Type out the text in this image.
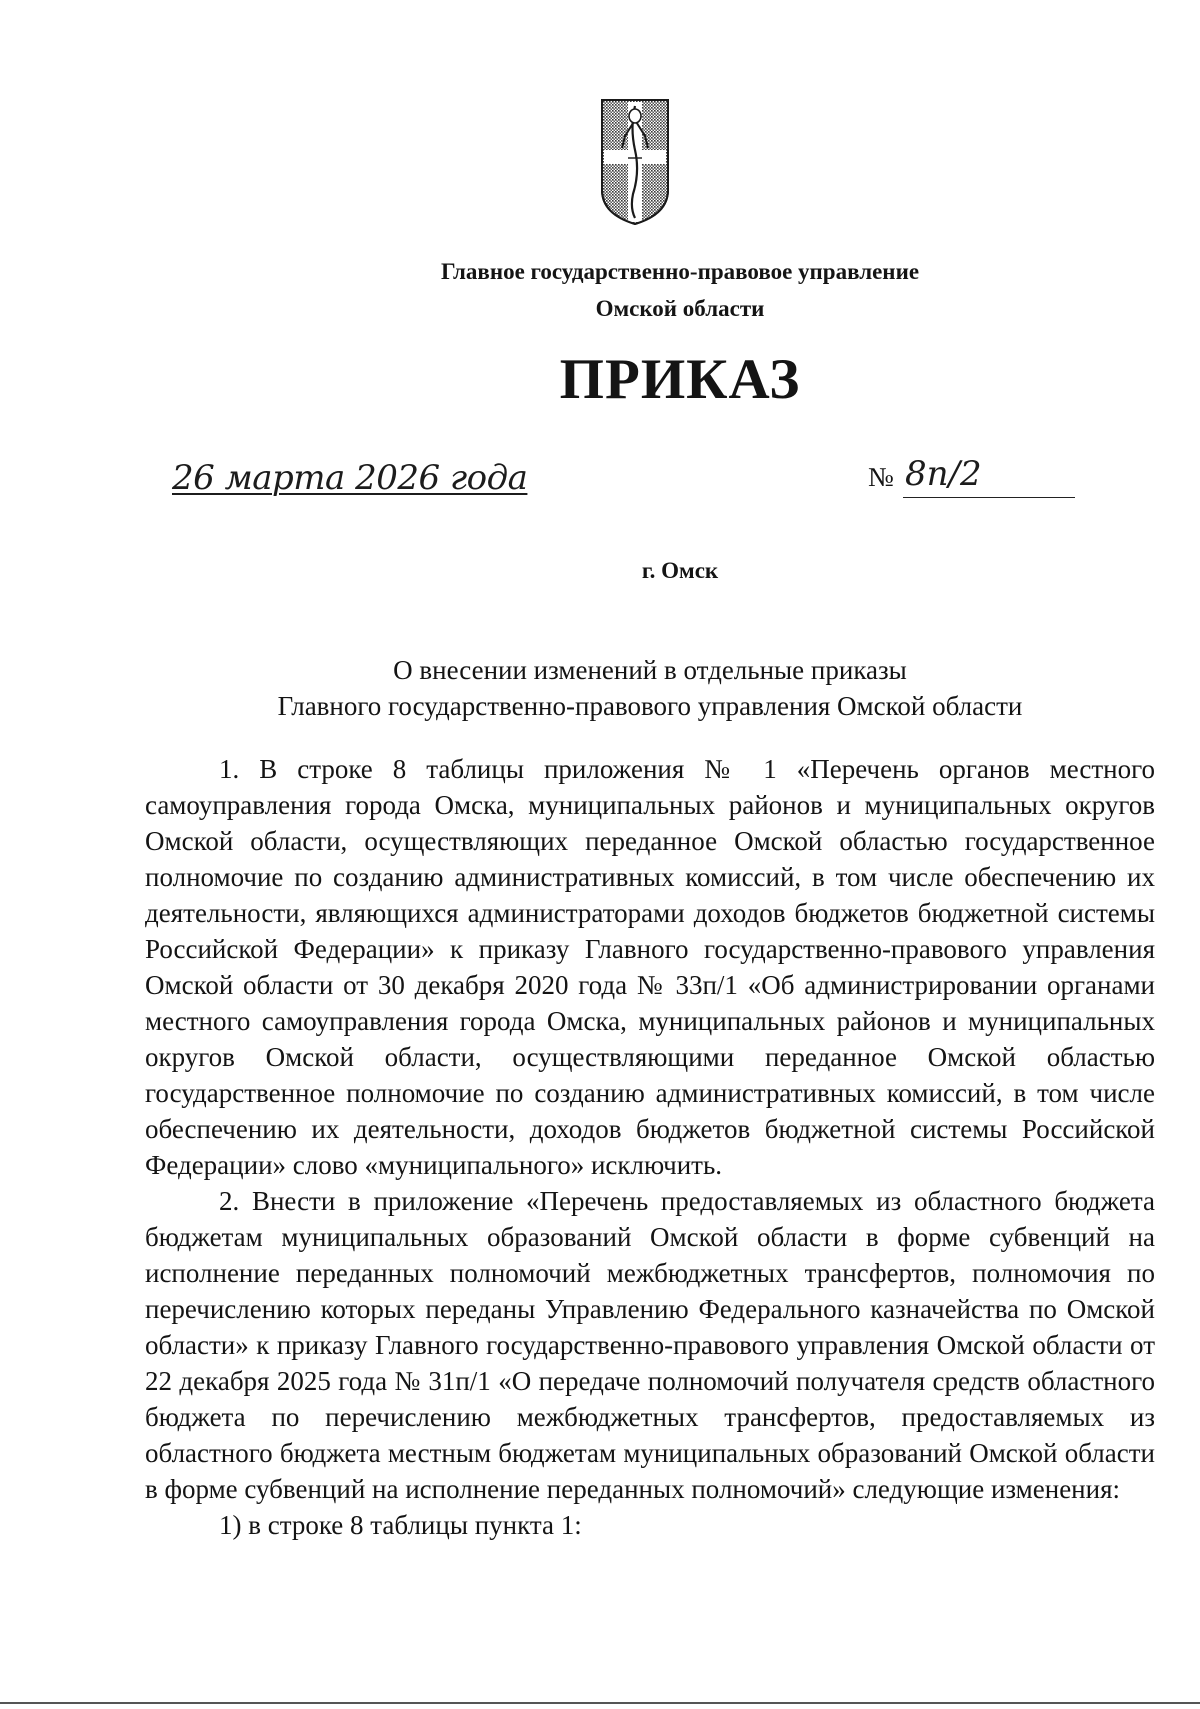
Главное государственно-правовое управление
Омской области
ПРИКАЗ
26 марта 2026 года	№ 8п/2
г. Омск
О внесении изменений в отдельные приказы
Главного государственно-правового управления Омской области

1. В строке 8 таблицы приложения № 1 «Перечень органов местного самоуправления города Омска, муниципальных районов и муниципальных округов Омской области, осуществляющих переданное Омской областью государственное полномочие по созданию административных комиссий, в том числе обеспечению их деятельности, являющихся администраторами доходов бюджетов бюджетной системы Российской Федерации» к приказу Главного государственно-правового управления Омской области от 30 декабря 2020 года № 33п/1 «Об администрировании органами местного самоуправления города Омска, муниципальных районов и муниципальных округов Омской области, осуществляющими переданное Омской областью государственное полномочие по созданию административных комиссий, в том числе обеспечению их деятельности, доходов бюджетов бюджетной системы Российской Федерации» слово «муниципального» исключить.

2. Внести в приложение «Перечень предоставляемых из областного бюджета бюджетам муниципальных образований Омской области в форме субвенций на исполнение переданных полномочий межбюджетных трансфертов, полномочия по перечислению которых переданы Управлению Федерального казначейства по Омской области» к приказу Главного государственно-правового управления Омской области от 22 декабря 2025 года № 31п/1 «О передаче полномочий получателя средств областного бюджета по перечислению межбюджетных трансфертов, предоставляемых из областного бюджета местным бюджетам муниципальных образований Омской области в форме субвенций на исполнение переданных полномочий» следующие изменения:

1) в строке 8 таблицы пункта 1:
